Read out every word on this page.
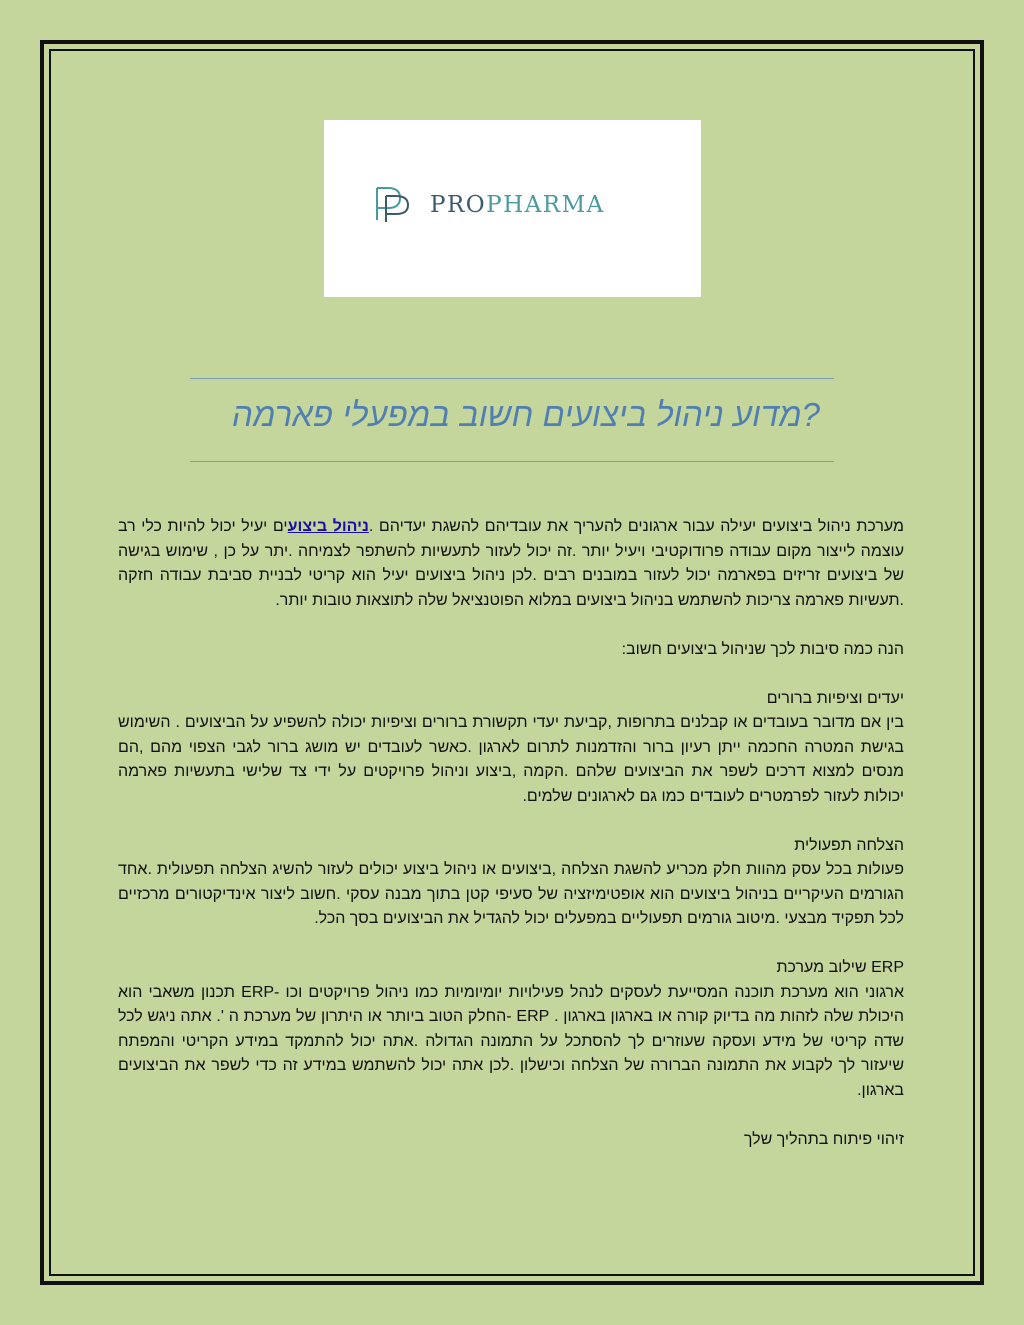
PROPHARMA
?מדוע ניהול ביצועים חשוב במפעלי פארמה

מערכת ניהול ביצועים יעילה עבור ארגונים להעריך את עובדיהם להשגת יעדיהם .ניהול ביצועים יעיל יכול להיות כלי רב עוצמה לייצור מקום עבודה פרודוקטיבי ויעיל יותר .זה יכול לעזור לתעשיות להשתפר לצמיחה .יתר על כן , שימוש בגישה של ביצועים זריזים בפארמה יכול לעזור במובנים רבים .לכן ניהול ביצועים יעיל הוא קריטי לבניית סביבת עבודה חזקה .תעשיות פארמה צריכות להשתמש בניהול ביצועים במלוא הפוטנציאל שלה לתוצאות טובות יותר.

הנה כמה סיבות לכך שניהול ביצועים חשוב:

יעדים וציפיות ברורים

בין אם מדובר בעובדים או קבלנים בתרופות ,קביעת יעדי תקשורת ברורים וציפיות יכולה להשפיע על הביצועים . השימוש בגישת המטרה החכמה ייתן רעיון ברור והזדמנות לתרום לארגון .כאשר לעובדים יש מושג ברור לגבי הצפוי מהם ,הם מנסים למצוא דרכים לשפר את הביצועים שלהם .הקמה ,ביצוע וניהול פרויקטים על ידי צד שלישי בתעשיות פארמה יכולות לעזור לפרמטרים לעובדים כמו גם לארגונים שלמים.

הצלחה תפעולית

פעולות בכל עסק מהוות חלק מכריע להשגת הצלחה ,ביצועים או ניהול ביצוע יכולים לעזור להשיג הצלחה תפעולית .אחד הגורמים העיקריים בניהול ביצועים הוא אופטימיזציה של סעיפי קטן בתוך מבנה עסקי .חשוב ליצור אינדיקטורים מרכזיים לכל תפקיד מבצעי .מיטוב גורמים תפעוליים במפעלים יכול להגדיל את הביצועים בסך הכל.

ERP שילוב מערכת

ארגוני הוא מערכת תוכנה המסייעת לעסקים לנהל פעילויות יומיומיות כמו ניהול פרויקטים וכו -ERP תכנון משאבי הוא היכולת שלה לזהות מה בדיוק קורה או בארגון בארגון . ERP -החלק הטוב ביותר או היתרון של מערכת ה '. אתה ניגש לכל שדה קריטי של מידע ועסקה שעוזרים לך להסתכל על התמונה הגדולה .אתה יכול להתמקד במידע הקריטי והמפתח שיעזור לך לקבוע את התמונה הברורה של הצלחה וכישלון .לכן אתה יכול להשתמש במידע זה כדי לשפר את הביצועים בארגון.

זיהוי פיתוח בתהליך שלך
